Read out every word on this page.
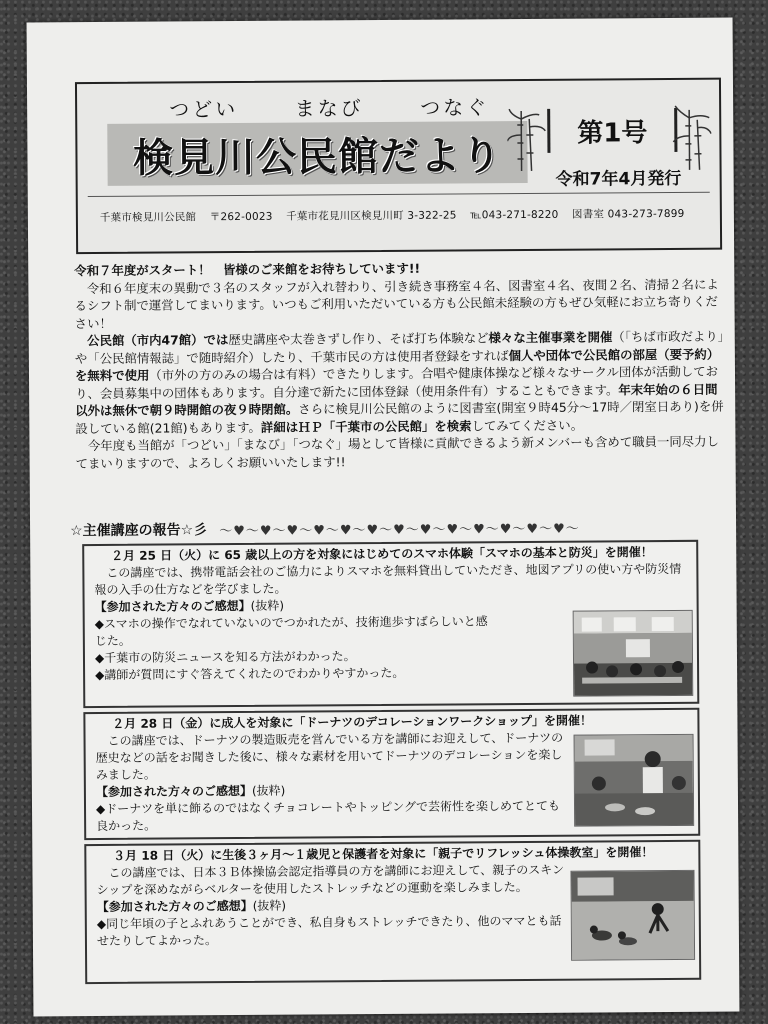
つどい	まなび	つなぐ
検見川公民館だより	第1号
令和7年4月発行
千葉市検見川公民館 〒262-0023 千葉市花見川区検見川町 3-322-25 ℡043-271-8220 図書室 043-273-7899

令和７年度がスタート！　皆様のご来館をお待ちしています!!

令和６年度末の異動で３名のスタッフが入れ替わり、引き続き事務室４名、図書室４名、夜間２名、清掃２名によるシフト制で運営してまいります。いつもご利用いただいている方も公民館未経験の方もぜひ気軽にお立ち寄りください！

公民館（市内47館）では歴史講座や太巻きずし作り、そば打ち体験など様々な主催事業を開催（「ちば市政だより」や「公民館情報誌」で随時紹介）したり、千葉市民の方は使用者登録をすれば個人や団体で公民館の部屋（要予約）を無料で使用（市外の方のみの場合は有料）できたりします。合唱や健康体操など様々なサークル団体が活動しており、会員募集中の団体もあります。自分達で新たに団体登録（使用条件有）することもできます。年末年始の６日間以外は無休で朝９時開館の夜９時閉館。さらに検見川公民館のように図書室(開室９時45分～17時／閉室日あり)を併設している館(21館)もあります。詳細はＨＰ「千葉市の公民館」を検索してみてください。

今年度も当館が「つどい」「まなび」「つなぐ」場として皆様に貢献できるよう新メンバーも含めて職員一同尽力してまいりますので、よろしくお願いいたします!!

☆主催講座の報告☆彡 〜♥〜♥〜♥〜♥〜♥〜♥〜♥〜♥〜♥〜♥〜♥〜♥〜♥〜
２月 25 日（火）に 65 歳以上の方を対象にはじめてのスマホ体験「スマホの基本と防災」を開催！
この講座では、携帯電話会社のご協力によりスマホを無料貸出していただき、地図アプリの使い方や防災情報の入手の仕方などを学びました。
【参加された方々のご感想】(抜粋)
◆スマホの操作でなれていないのでつかれたが、技術進歩すばらしいと感じた。
◆千葉市の防災ニュースを知る方法がわかった。
◆講師が質問にすぐ答えてくれたのでわかりやすかった。
２月 28 日（金）に成人を対象に「ドーナツのデコレーションワークショップ」を開催！
この講座では、ドーナツの製造販売を営んでいる方を講師にお迎えして、ドーナツの歴史などの話をお聞きした後に、様々な素材を用いてドーナツのデコレーションを楽しみました。
【参加された方々のご感想】(抜粋)
◆ドーナツを単に飾るのではなくチョコレートやトッピングで芸術性を楽しめてとても良かった。
３月 18 日（火）に生後３ヶ月～１歳児と保護者を対象に「親子でリフレッシュ体操教室」を開催！
この講座では、日本３Ｂ体操協会認定指導員の方を講師にお迎えして、親子のスキンシップを深めながらベルターを使用したストレッチなどの運動を楽しみました。
【参加された方々のご感想】(抜粋)
◆同じ年頃の子とふれあうことができ、私自身もストレッチできたり、他のママとも話せたりしてよかった。
